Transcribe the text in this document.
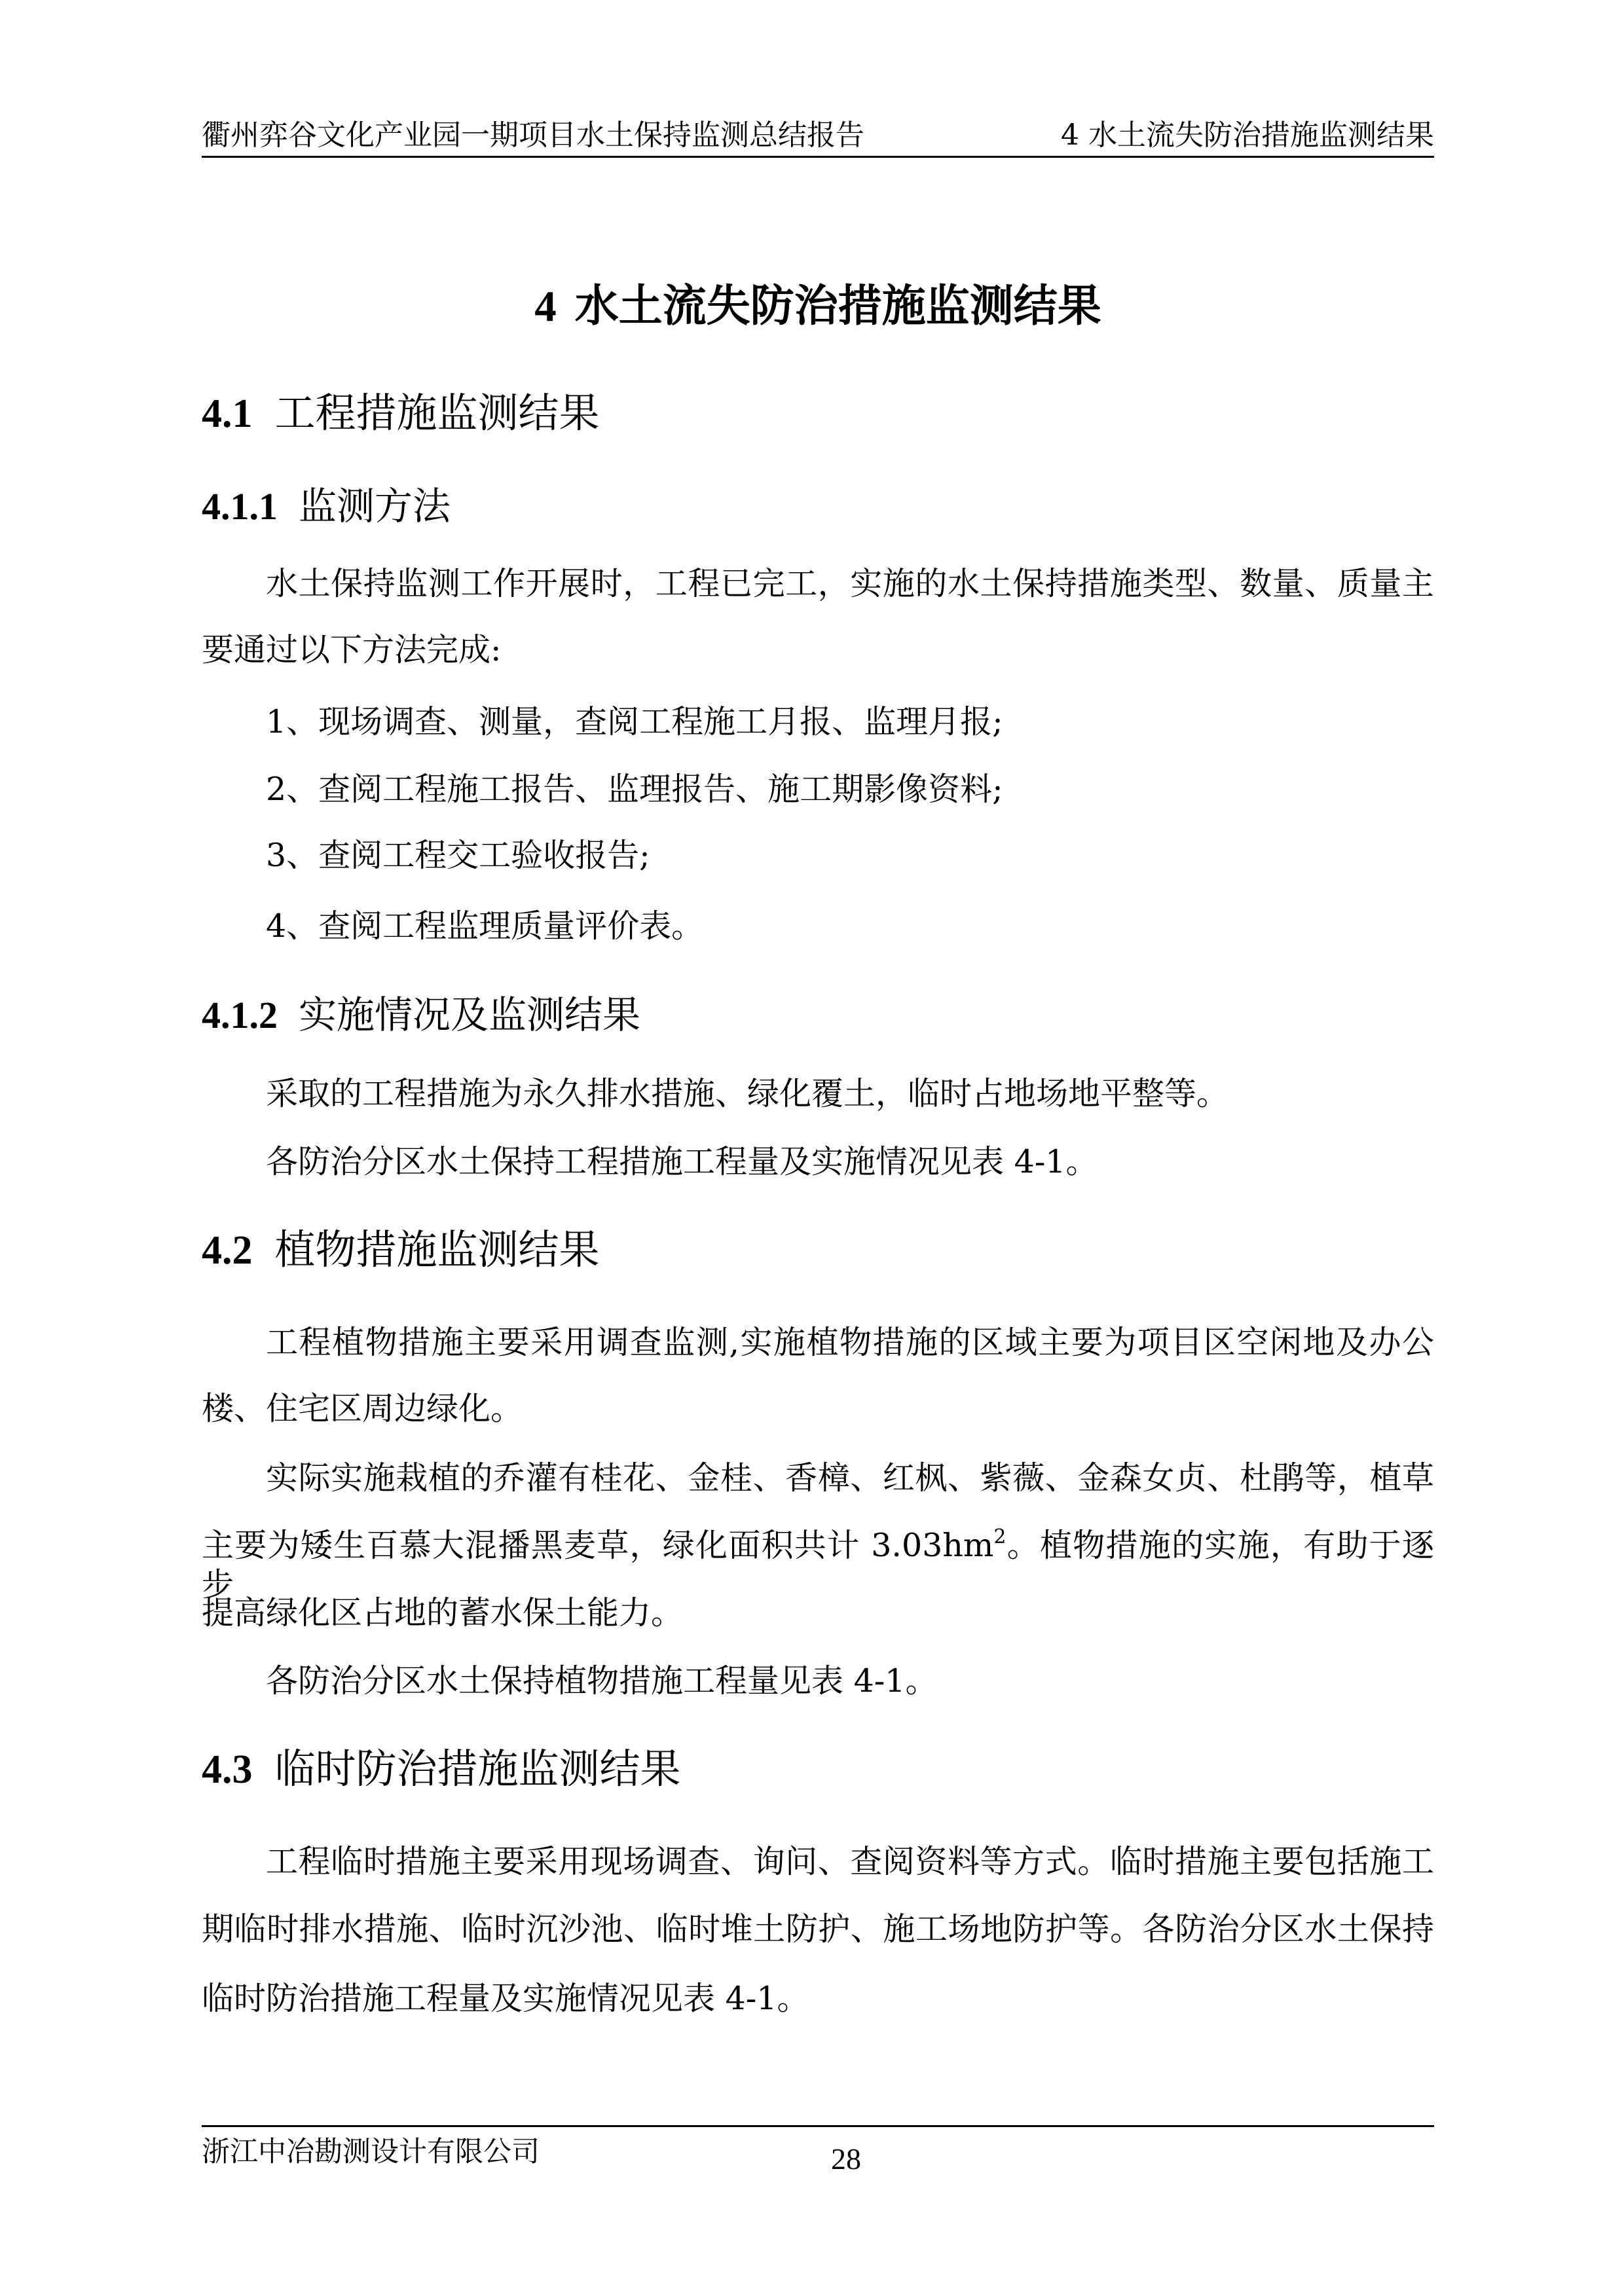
衢州弈谷文化产业园一期项目水土保持监测总结报告	4 水土流失防治措施监测结果
4 水土流失防治措施监测结果
4.1 工程措施监测结果
4.1.1 监测方法
水土保持监测工作开展时，工程已完工，实施的水土保持措施类型、数量、质量主
要通过以下方法完成:
1、现场调查、测量，查阅工程施工月报、监理月报;
2、查阅工程施工报告、监理报告、施工期影像资料;
3、查阅工程交工验收报告;
4、查阅工程监理质量评价表。
4.1.2 实施情况及监测结果
采取的工程措施为永久排水措施、绿化覆土，临时占地场地平整等。
各防治分区水土保持工程措施工程量及实施情况见表 4-1。
4.2 植物措施监测结果
工程植物措施主要采用调查监测,实施植物措施的区域主要为项目区空闲地及办公
楼、住宅区周边绿化。
实际实施栽植的乔灌有桂花、金桂、香樟、红枫、紫薇、金森女贞、杜鹃等，植草
主要为矮生百慕大混播黑麦草，绿化面积共计 $3.03hm^2$。植物措施的实施，有助于逐步
提高绿化区占地的蓄水保土能力。
各防治分区水土保持植物措施工程量见表 4-1。
4.3 临时防治措施监测结果
工程临时措施主要采用现场调查、询问、查阅资料等方式。临时措施主要包括施工
期临时排水措施、临时沉沙池、临时堆土防护、施工场地防护等。各防治分区水土保持
临时防治措施工程量及实施情况见表 4-1。
浙江中冶勘测设计有限公司	28
